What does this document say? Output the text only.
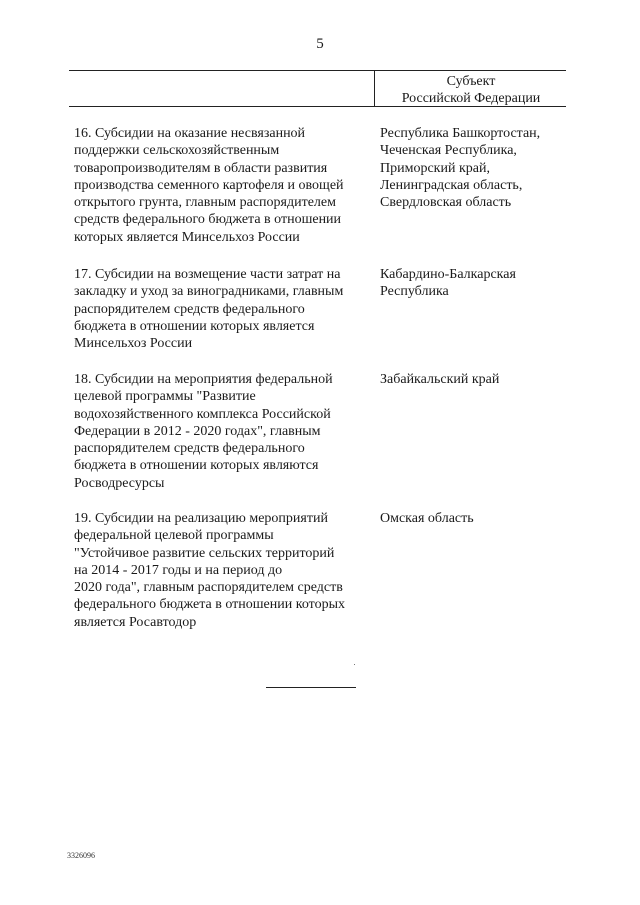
5
Субъект
Российской Федерации
16. Субсидии на оказание несвязанной
поддержки сельскохозяйственным
товаропроизводителям в области развития
производства семенного картофеля и овощей
открытого грунта, главным распорядителем
средств федерального бюджета в отношении
которых является Минсельхоз России
Республика Башкортостан,
Чеченская Республика,
Приморский край,
Ленинградская область,
Свердловская область
17. Субсидии на возмещение части затрат на
закладку и уход за виноградниками, главным
распорядителем средств федерального
бюджета в отношении которых является
Минсельхоз России
Кабардино-Балкарская
Республика
18. Субсидии на мероприятия федеральной
целевой программы "Развитие
водохозяйственного комплекса Российской
Федерации в 2012 - 2020 годах", главным
распорядителем средств федерального
бюджета в отношении которых являются
Росводресурсы
Забайкальский край
19. Субсидии на реализацию мероприятий
федеральной целевой программы
"Устойчивое развитие сельских территорий
на 2014 - 2017 годы и на период до
2020 года", главным распорядителем средств
федерального бюджета в отношении которых
является Росавтодор
Омская область
3326096
